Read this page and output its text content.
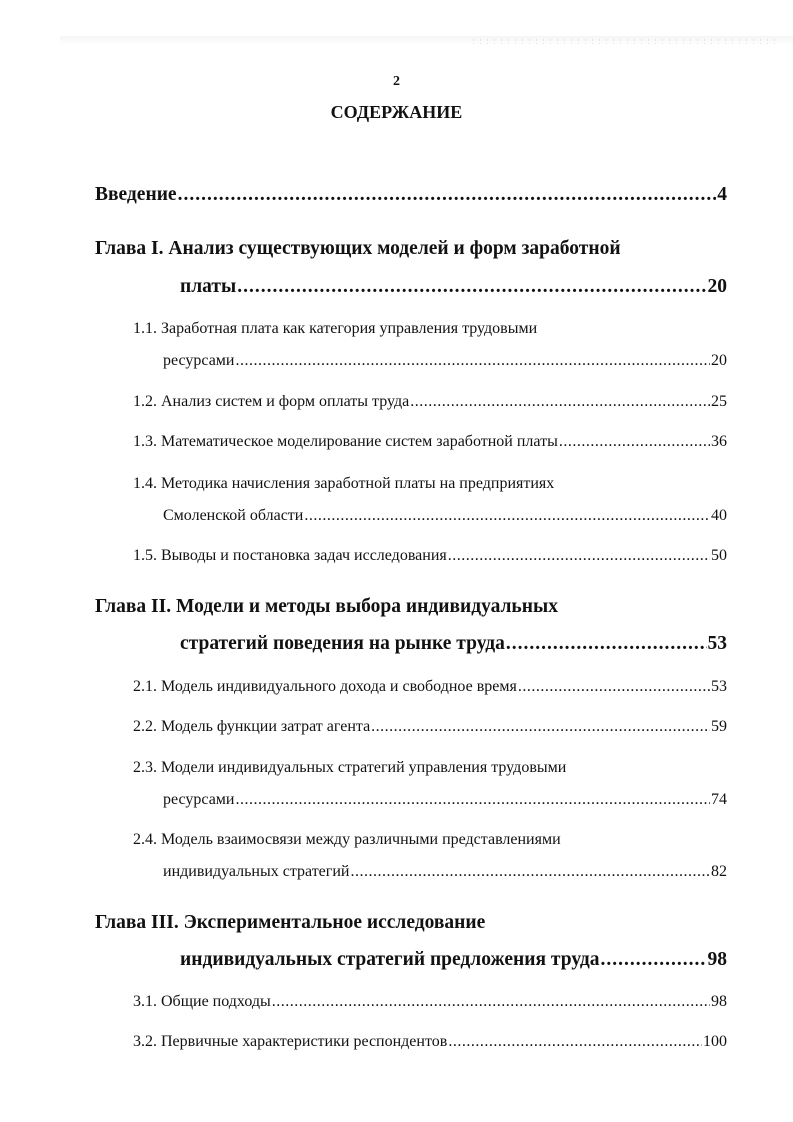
2
СОДЕРЖАНИЕ
Введение .....	4
Глава I. Анализ существующих моделей и форм заработной
платы .....	20
1.1. Заработная плата как категория управления трудовыми
ресурсами .....	20
1.2. Анализ систем и форм оплаты труда .....	25
1.3. Математическое моделирование систем заработной платы .....	36
1.4. Методика начисления заработной платы на предприятиях
Смоленской области .....	40
1.5. Выводы и постановка задач исследования .....	50
Глава II. Модели и методы выбора индивидуальных
стратегий поведения на рынке труда .....	53
2.1. Модель индивидуального дохода и свободное время .....	53
2.2. Модель функции затрат агента .....	59
2.3. Модели индивидуальных стратегий управления трудовыми
ресурсами .....	74
2.4. Модель взаимосвязи между различными представлениями
индивидуальных стратегий .....	82
Глава III. Экспериментальное исследование
индивидуальных стратегий предложения труда .....	98
3.1. Общие подходы .....	98
3.2. Первичные характеристики респондентов .....	100
